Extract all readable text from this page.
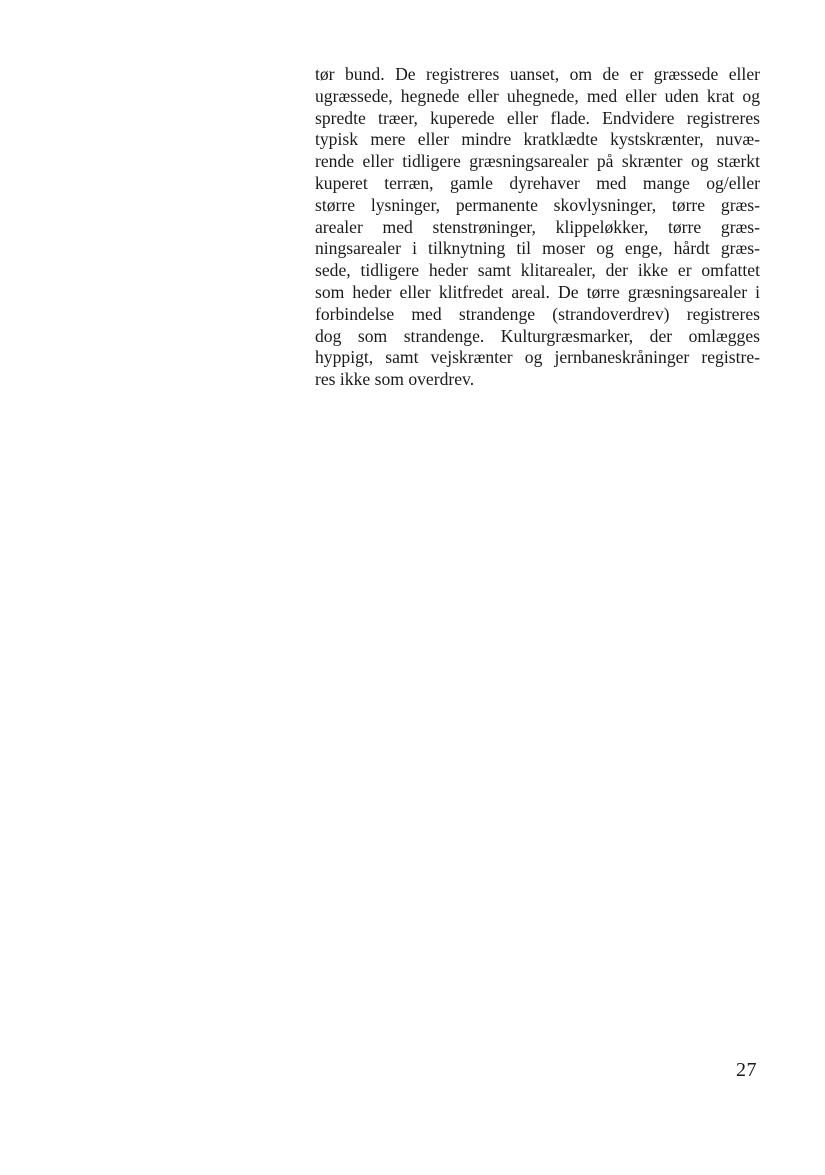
tør bund. De registreres uanset, om de er græssede eller
ugræssede, hegnede eller uhegnede, med eller uden krat og
spredte træer, kuperede eller flade. Endvidere registreres
typisk mere eller mindre kratklædte kystskrænter, nuvæ-
rende eller tidligere græsningsarealer på skrænter og stærkt
kuperet terræn, gamle dyrehaver med mange og/eller
større lysninger, permanente skovlysninger, tørre græs-
arealer med stenstrøninger, klippeløkker, tørre græs-
ningsarealer i tilknytning til moser og enge, hårdt græs-
sede, tidligere heder samt klitarealer, der ikke er omfattet
som heder eller klitfredet areal. De tørre græsningsarealer i
forbindelse med strandenge (strandoverdrev) registreres
dog som strandenge. Kulturgræsmarker, der omlægges
hyppigt, samt vejskrænter og jernbaneskråninger registre-
res ikke som overdrev.
27
